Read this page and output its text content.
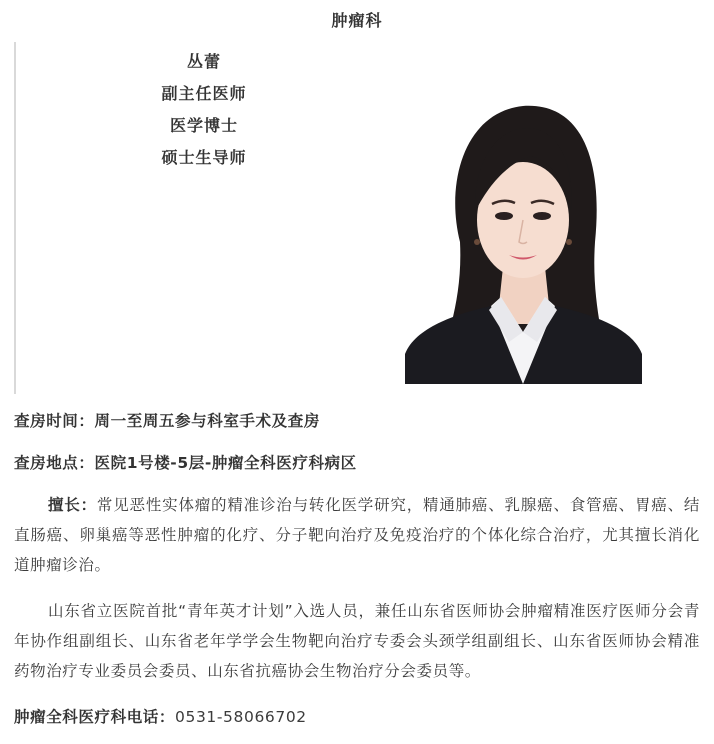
肿瘤科
丛蕾
副主任医师
医学博士
硕士生导师

查房时间：周一至周五参与科室手术及查房

查房地点：医院1号楼-5层-肿瘤全科医疗科病区

擅长：常见恶性实体瘤的精准诊治与转化医学研究，精通肺癌、乳腺癌、食管癌、胃癌、结直肠癌、卵巢癌等恶性肿瘤的化疗、分子靶向治疗及免疫治疗的个体化综合治疗，尤其擅长消化道肿瘤诊治。

山东省立医院首批“青年英才计划”入选人员，兼任山东省医师协会肿瘤精准医疗医师分会青年协作组副组长、山东省老年学学会生物靶向治疗专委会头颈学组副组长、山东省医师协会精准药物治疗专业委员会委员、山东省抗癌协会生物治疗分会委员等。

肿瘤全科医疗科电话：0531-58066702
